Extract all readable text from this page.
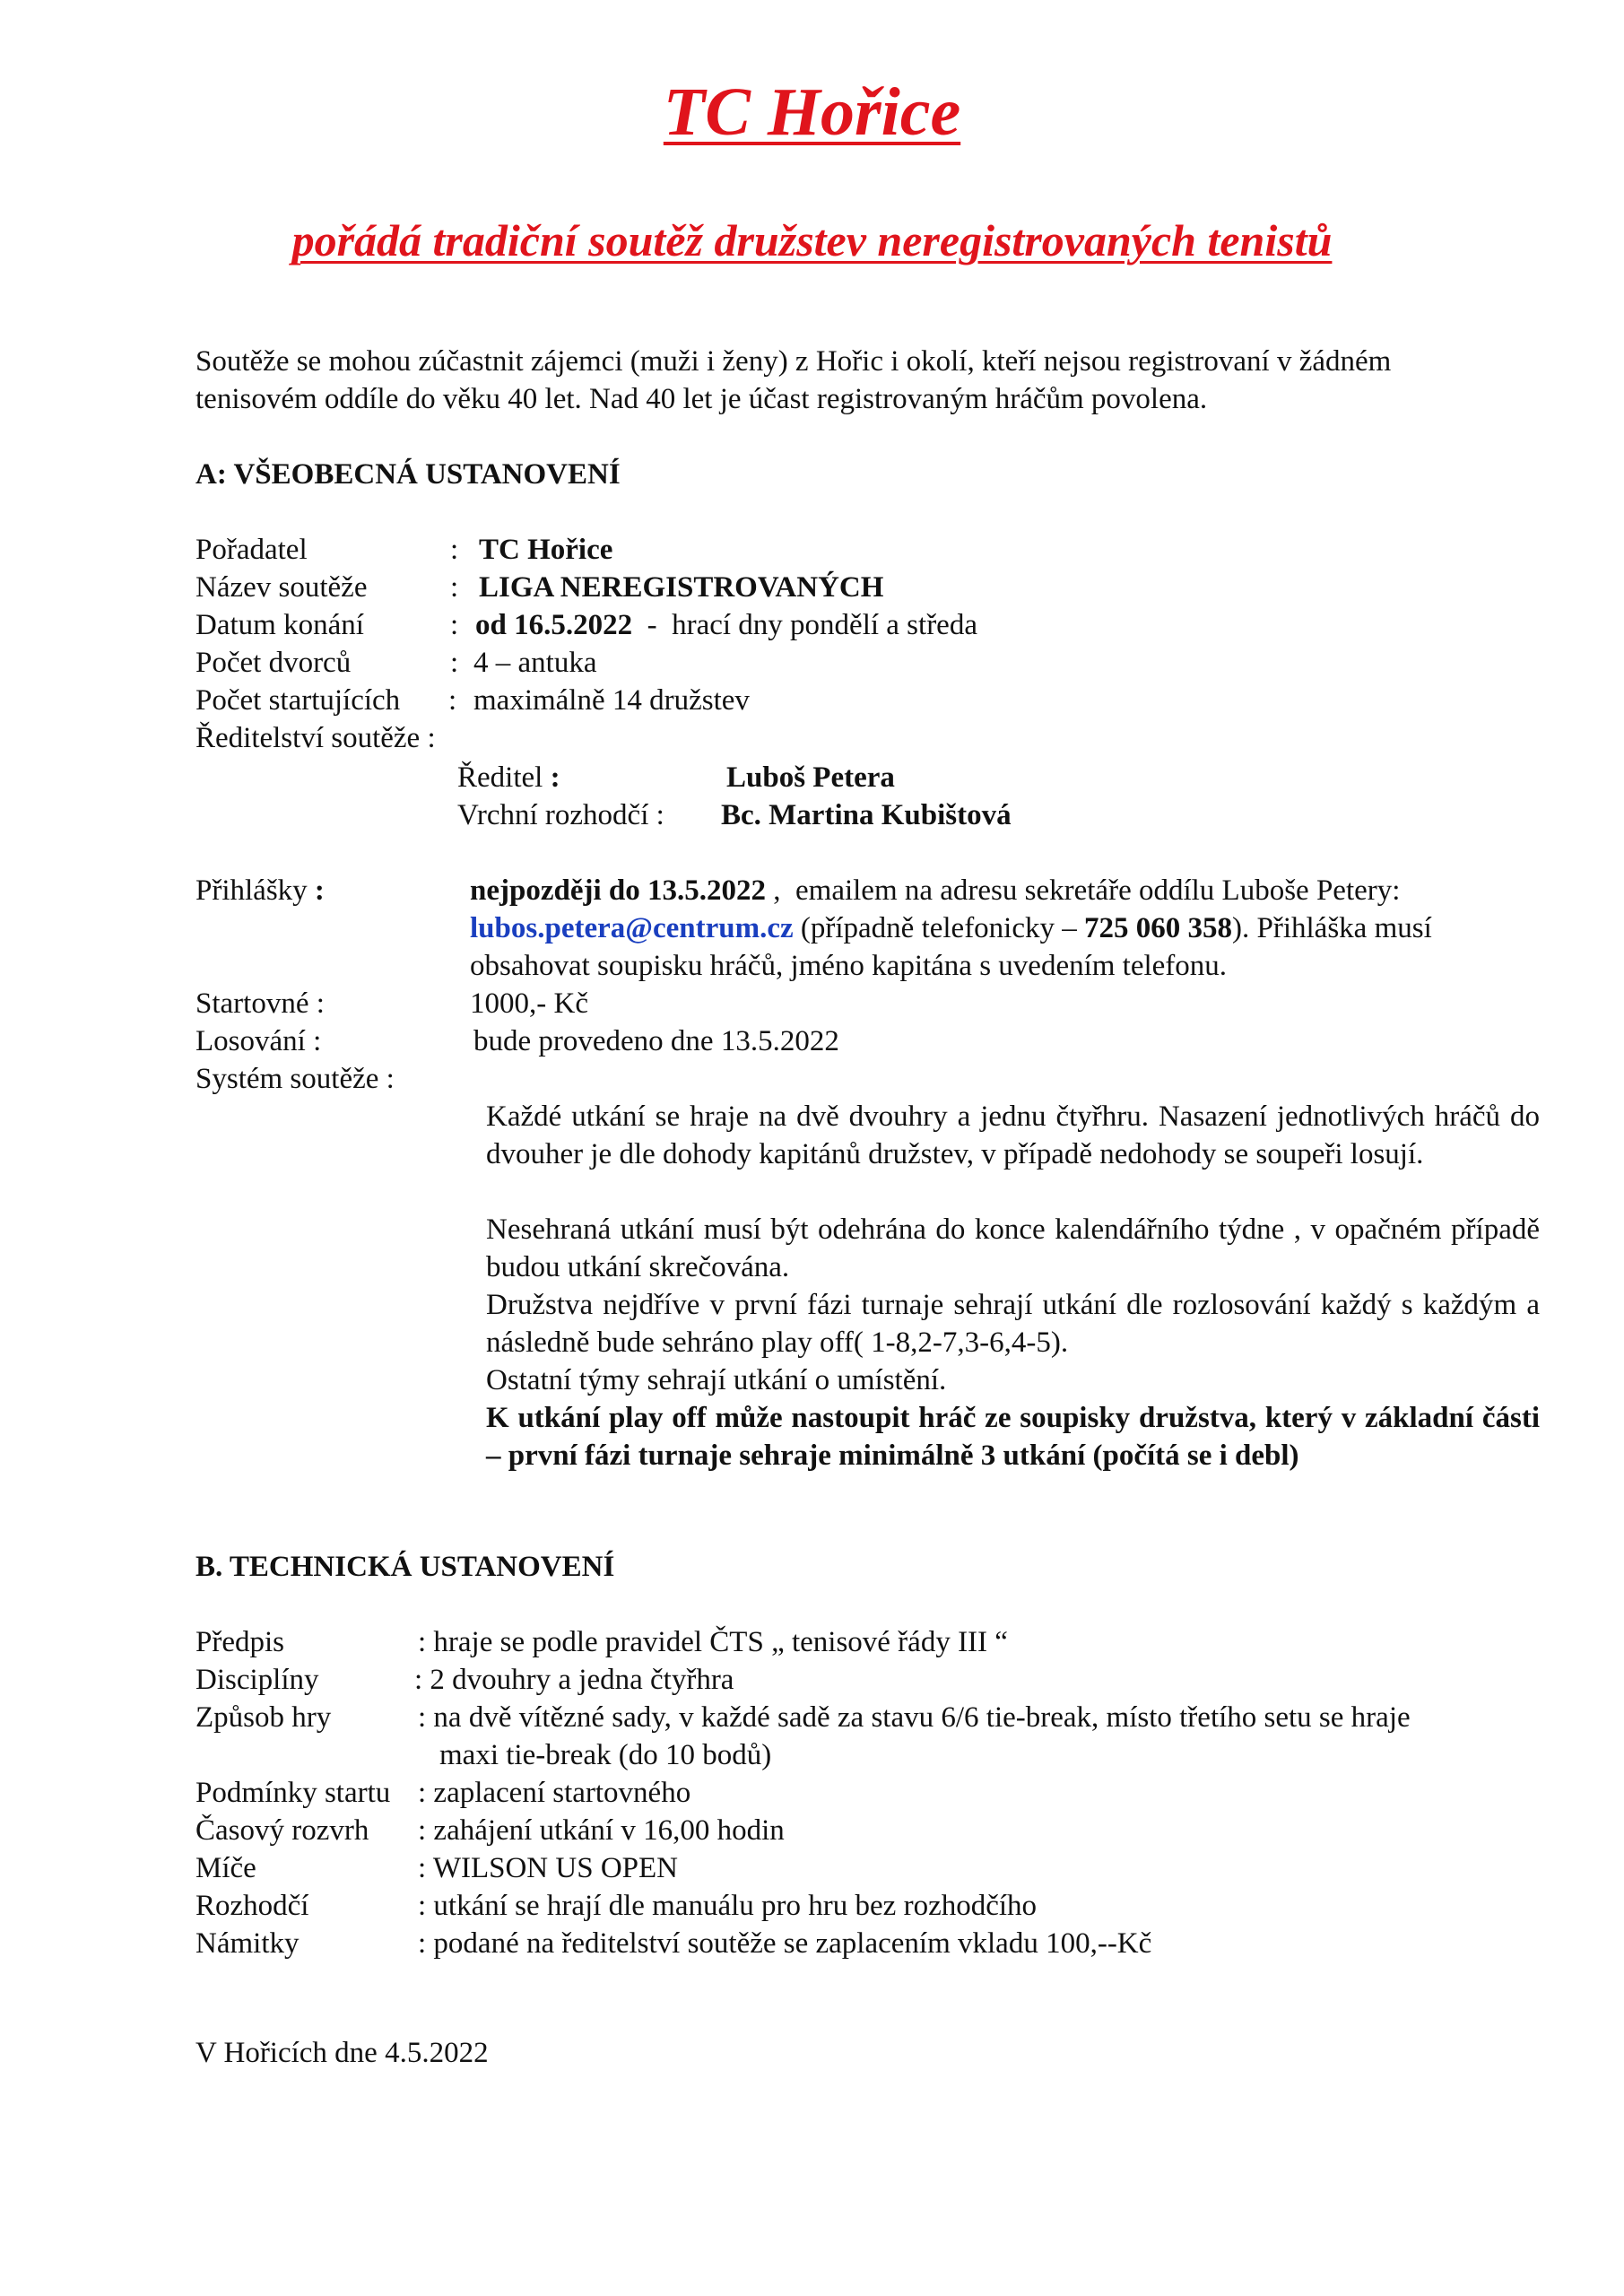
TC Hořice
pořádá tradiční soutěž družstev neregistrovaných tenistů
Soutěže se mohou zúčastnit zájemci (muži i ženy) z Hořic i okolí, kteří nejsou registrovaní v žádném
tenisovém oddíle do věku 40 let. Nad 40 let je účast registrovaným hráčům povolena.
A: VŠEOBECNÁ USTANOVENÍ
Pořadatel	: TC Hořice
Název soutěže	: LIGA NEREGISTROVANÝCH
Datum konání	: od 16.5.2022  -  hrací dny pondělí a středa
Počet dvorců	: 4 – antuka
Počet startujících : maximálně 14 družstev
Ředitelství soutěže :
Ředitel :	Luboš Petera
Vrchní rozhodčí : Bc. Martina Kubištová
Přihlášky :	nejpozději do 13.5.2022 ,  emailem na adresu sekretáře oddílu Luboše Petery:
lubos.petera@centrum.cz (případně telefonicky – 725 060 358). Přihláška musí
obsahovat soupisku hráčů, jméno kapitána s uvedením telefonu.
Startovné :	1000,- Kč
Losování :	bude provedeno dne 13.5.2022
Systém soutěže :
Každé utkání se hraje na dvě dvouhry a jednu čtyřhru. Nasazení jednotlivých hráčů do dvouher je dle dohody kapitánů družstev, v případě nedohody se soupeři losují.
Nesehraná utkání musí být odehrána do konce kalendářního týdne , v opačném případě budou utkání skrečována.
Družstva nejdříve v první fázi turnaje sehrají utkání dle rozlosování každý s každým a následně bude sehráno play off( 1-8,2-7,3-6,4-5).
Ostatní týmy sehrají utkání o umístění.
K utkání play off může nastoupit hráč ze soupisky družstva, který v základní části – první fázi turnaje sehraje minimálně 3 utkání (počítá se i debl)
B. TECHNICKÁ USTANOVENÍ
Předpis	: hraje se podle pravidel ČTS „ tenisové řády III “
Disciplíny	: 2 dvouhry a jedna čtyřhra
Způsob hry	: na dvě vítězné sady, v každé sadě za stavu 6/6 tie-break, místo třetího setu se hraje
maxi tie-break (do 10 bodů)
Podmínky startu : zaplacení startovného
Časový rozvrh : zahájení utkání v 16,00 hodin
Míče	: WILSON US OPEN
Rozhodčí	: utkání se hrají dle manuálu pro hru bez rozhodčího
Námitky	: podané na ředitelství soutěže se zaplacením vkladu 100,--Kč
V Hořicích dne 4.5.2022
